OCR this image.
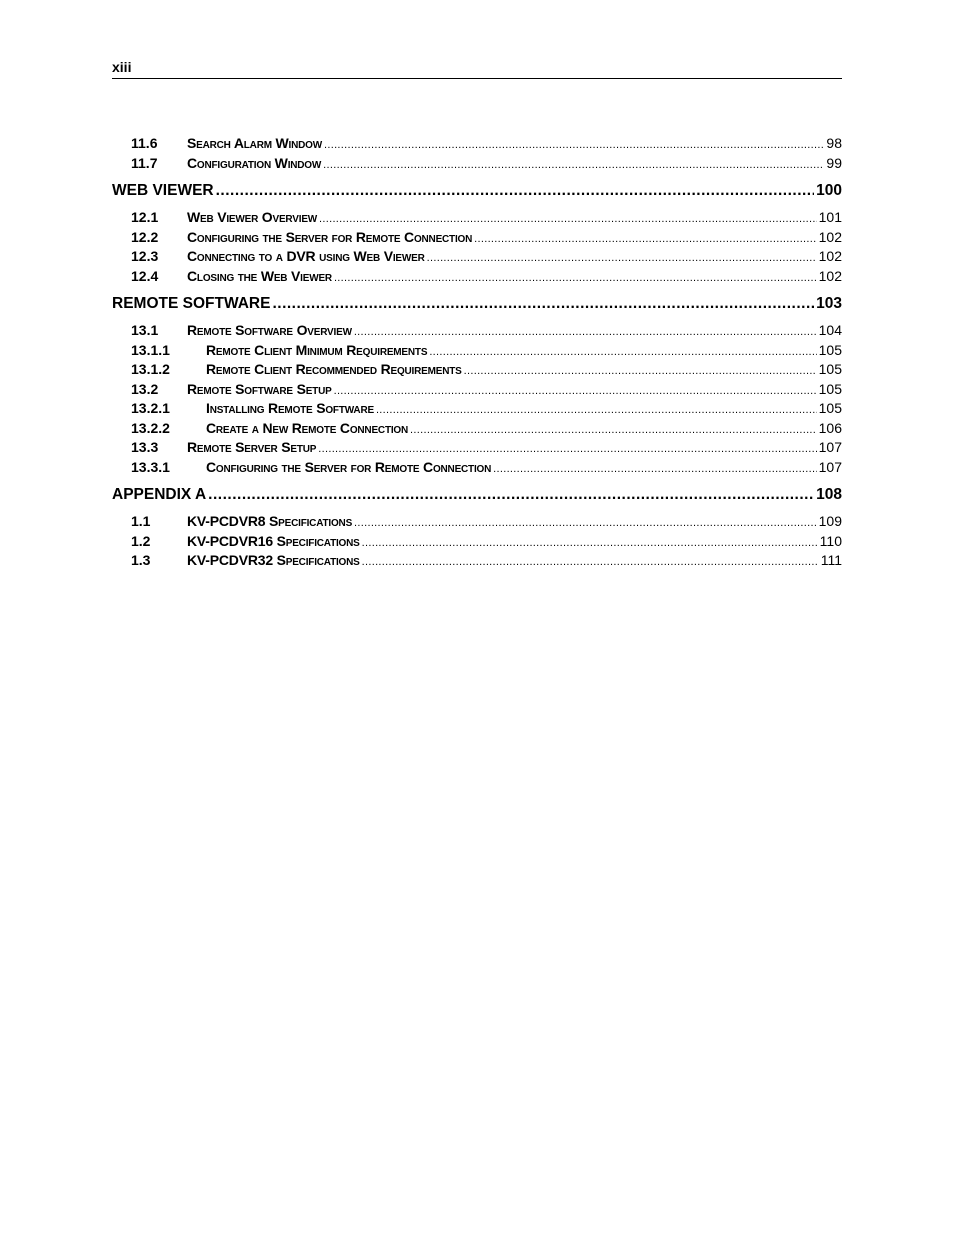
xiii
11.6	Search Alarm Window .....	98
11.7	Configuration Window .....	99
WEB VIEWER .....	100
12.1	Web Viewer Overview .....	101
12.2	Configuring the Server for Remote Connection .....	102
12.3	Connecting to a DVR using Web Viewer .....	102
12.4	Closing the Web Viewer .....	102
REMOTE SOFTWARE .....	103
13.1	Remote Software Overview .....	104
13.1.1	Remote Client Minimum Requirements .....	105
13.1.2	Remote Client Recommended Requirements .....	105
13.2	Remote Software Setup .....	105
13.2.1	Installing Remote Software .....	105
13.2.2	Create a New Remote Connection .....	106
13.3	Remote Server Setup .....	107
13.3.1	Configuring the Server for Remote Connection .....	107
APPENDIX A .....	108
1.1	KV-PCDVR8 Specifications .....	109
1.2	KV-PCDVR16 Specifications .....	110
1.3	KV-PCDVR32 Specifications .....	111
